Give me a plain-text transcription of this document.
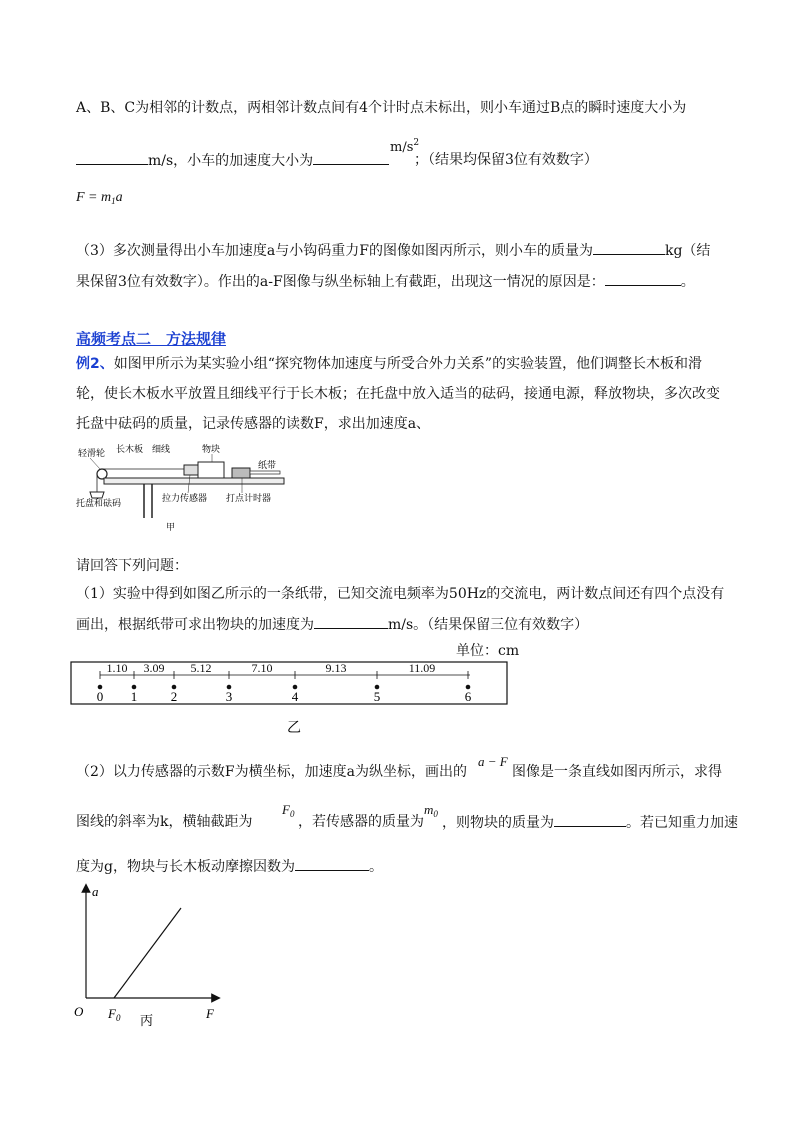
A、B、C为相邻的计数点，两相邻计数点间有4个计时点未标出，则小车通过B点的瞬时速度大小为
m/s，小车的加速度大小为
$m/s^2$
；（结果均保留3位有效数字）
$F = m_1a$
（3）多次测量得出小车加速度a与小钩码重力F的图像如图丙所示，则小车的质量为	kg（结
果保留3位有效数字）。作出的a-F图像与纵坐标轴上有截距，出现这一情况的原因是：	。
高频考点二　方法规律
例2、如图甲所示为某实验小组“探究物体加速度与所受合外力关系”的实验装置，他们调整长木板和滑
轮，使长木板水平放置且细线平行于长木板；在托盘中放入适当的砝码，接通电源，释放物块，多次改变
托盘中砝码的质量，记录传感器的读数F，求出加速度a、
轻滑轮 长木板 细线	物块
纸带
托盘和砝码	拉力传感器 打点计时器
甲
请回答下列问题：
（1）实验中得到如图乙所示的一条纸带，已知交流电频率为50Hz的交流电，两计数点间还有四个点没有
画出，根据纸带可求出物块的加速度为	m/s。（结果保留三位有效数字）
单位：cm
1.10 3.09 5.12	7.10	9.13	11.09
0 1	2	3	4	5	6
乙
（2）以力传感器的示数F为横坐标，加速度a为纵坐标，画出的
a − F
图像是一条直线如图丙所示，求得
图线的斜率为k，横轴截距为
$F_0$ ，若传感器的质量为
$m_0$
，则物块的质量为	。若已知重力加速
度为g，物块与长木板动摩擦因数为	。
a
F
O $F_0$ 丙
